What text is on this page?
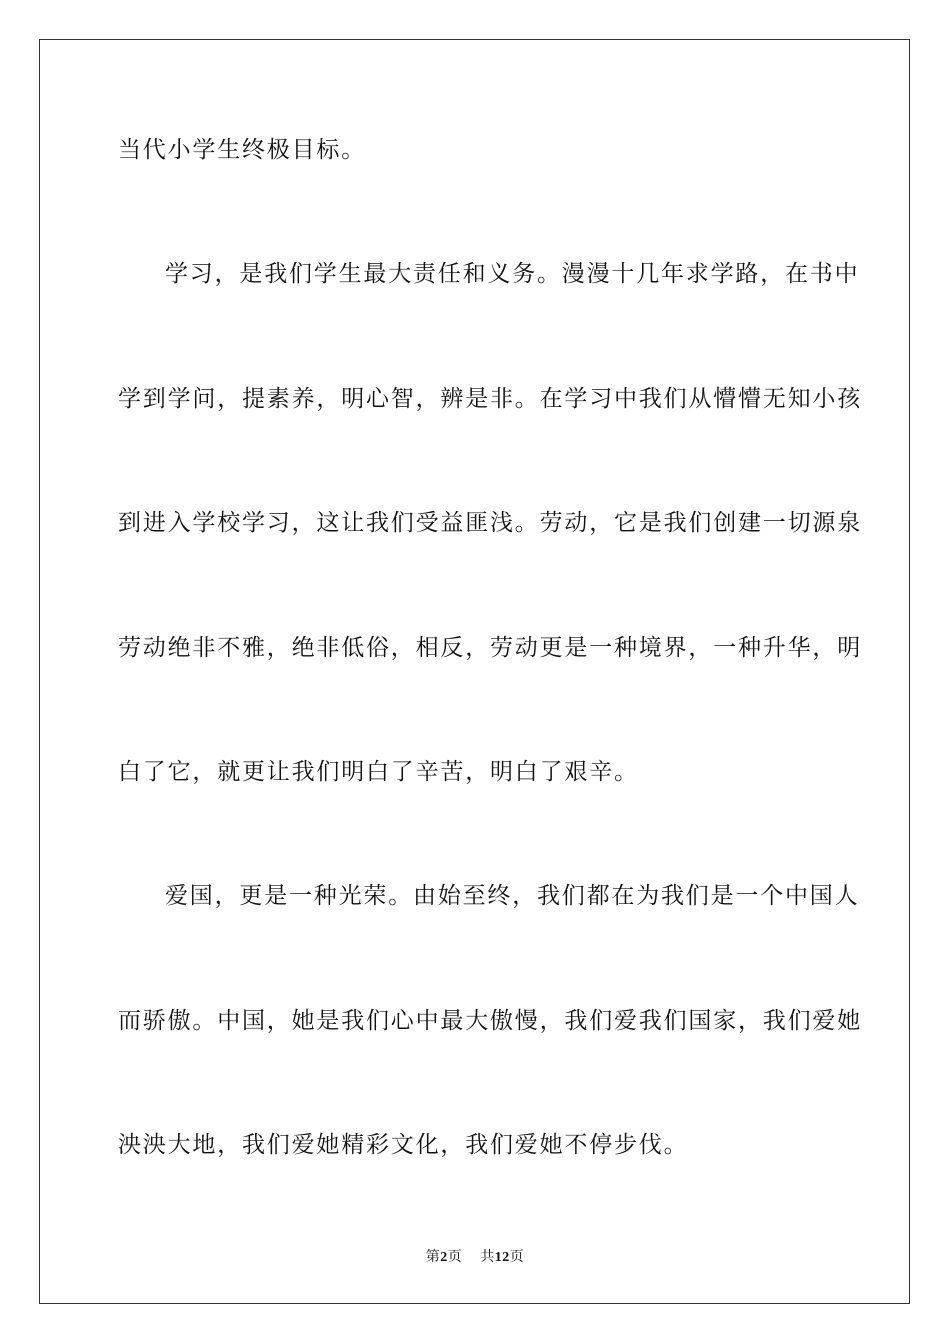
当代小学生终极目标。
学习，是我们学生最大责任和义务。漫漫十几年求学路，在书中
学到学问，提素养，明心智，辨是非。在学习中我们从懵懵无知小孩
到进入学校学习，这让我们受益匪浅。劳动，它是我们创建一切源泉
劳动绝非不雅，绝非低俗，相反，劳动更是一种境界，一种升华，明
白了它，就更让我们明白了辛苦，明白了艰辛。
爱国，更是一种光荣。由始至终，我们都在为我们是一个中国人
而骄傲。中国，她是我们心中最大傲慢，我们爱我们国家，我们爱她
泱泱大地，我们爱她精彩文化，我们爱她不停步伐。
第2页 共12页
